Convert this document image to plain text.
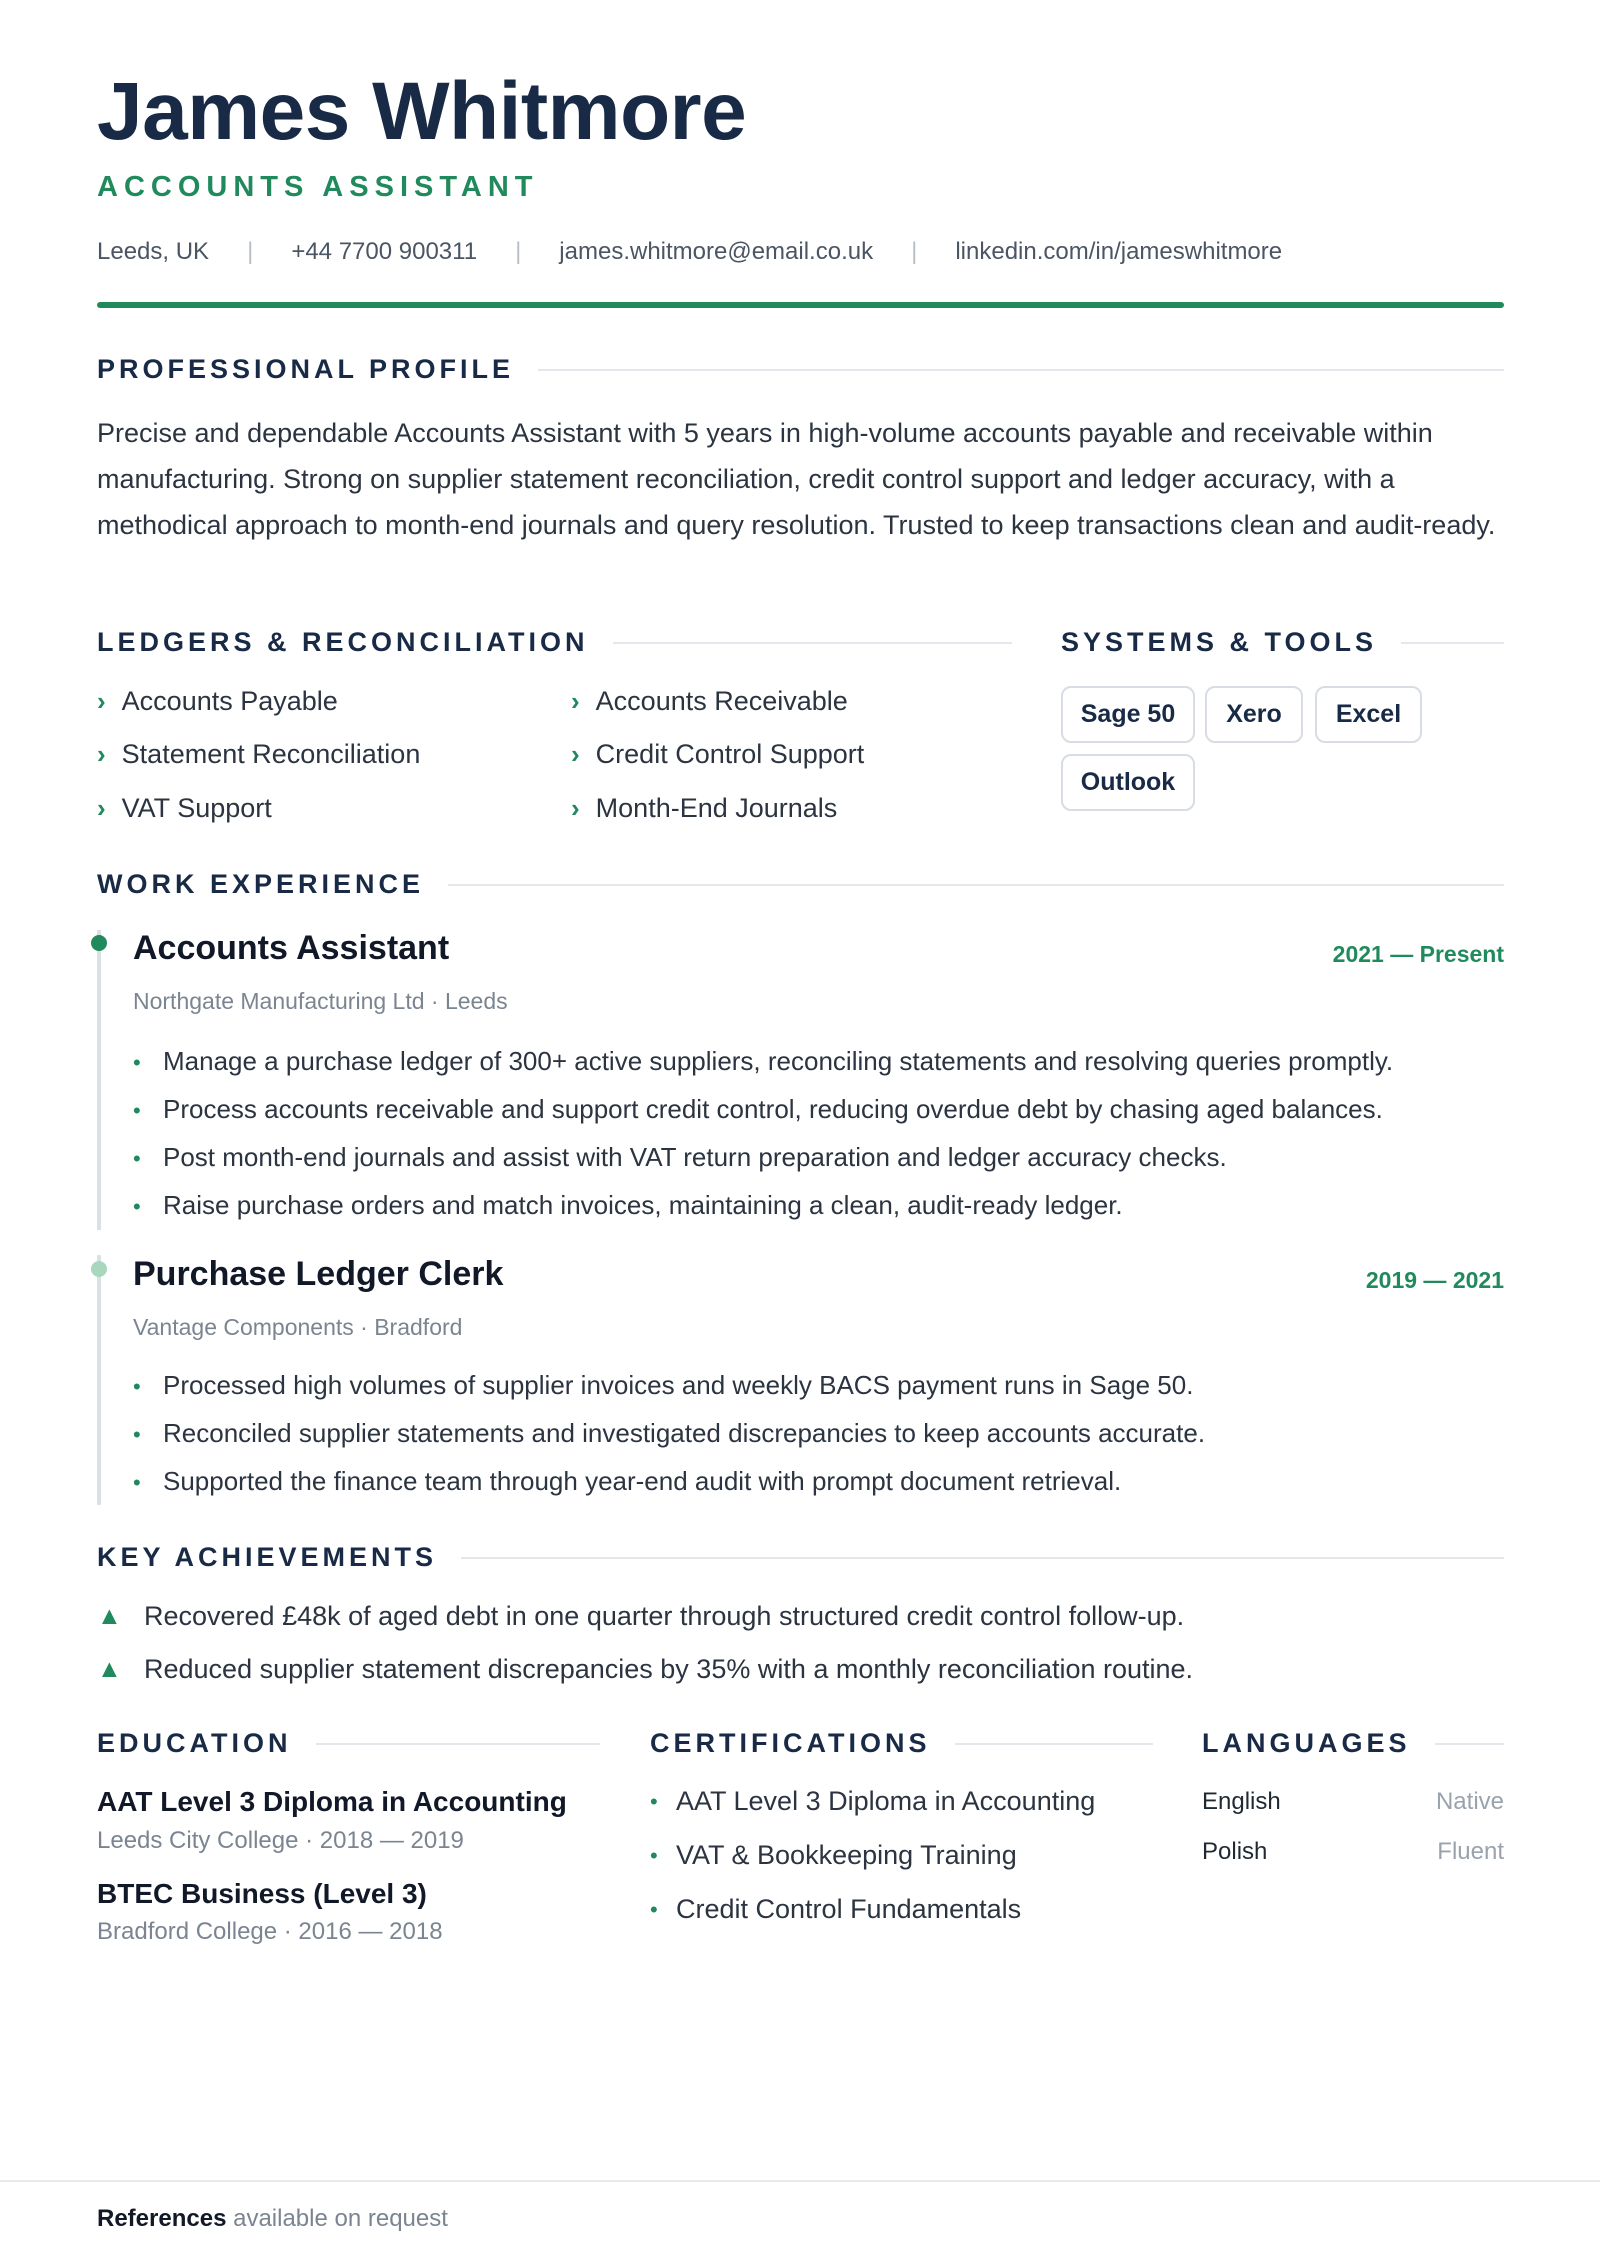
James Whitmore
ACCOUNTS ASSISTANT
Leeds, UK | +44 7700 900311 | james.whitmore@email.co.uk | linkedin.com/in/jameswhitmore
PROFESSIONAL PROFILE

Precise and dependable Accounts Assistant with 5 years in high-volume accounts payable and receivable within manufacturing. Strong on supplier statement reconciliation, credit control support and ledger accuracy, with a methodical approach to month-end journals and query resolution. Trusted to keep transactions clean and audit-ready.

LEDGERS & RECONCILIATION
› Accounts Payable	› Accounts Receivable
› Statement Reconciliation	› Credit Control Support
› VAT Support	› Month-End Journals
SYSTEMS & TOOLS
Sage 50	Xero	Excel
Outlook
WORK EXPERIENCE
Accounts Assistant	2021 — Present
Northgate Manufacturing Ltd · Leeds
• Manage a purchase ledger of 300+ active suppliers, reconciling statements and resolving queries promptly.
• Process accounts receivable and support credit control, reducing overdue debt by chasing aged balances.
• Post month-end journals and assist with VAT return preparation and ledger accuracy checks.
• Raise purchase orders and match invoices, maintaining a clean, audit-ready ledger.
Purchase Ledger Clerk	2019 — 2021
Vantage Components · Bradford
• Processed high volumes of supplier invoices and weekly BACS payment runs in Sage 50.
• Reconciled supplier statements and investigated discrepancies to keep accounts accurate.
• Supported the finance team through year-end audit with prompt document retrieval.
KEY ACHIEVEMENTS
▲ Recovered £48k of aged debt in one quarter through structured credit control follow-up.
▲ Reduced supplier statement discrepancies by 35% with a monthly reconciliation routine.
EDUCATION
AAT Level 3 Diploma in Accounting
Leeds City College · 2018 — 2019
BTEC Business (Level 3)
Bradford College · 2016 — 2018
CERTIFICATIONS
• AAT Level 3 Diploma in Accounting
• VAT & Bookkeeping Training
• Credit Control Fundamentals
LANGUAGES
English	Native
Polish	Fluent
References available on request
